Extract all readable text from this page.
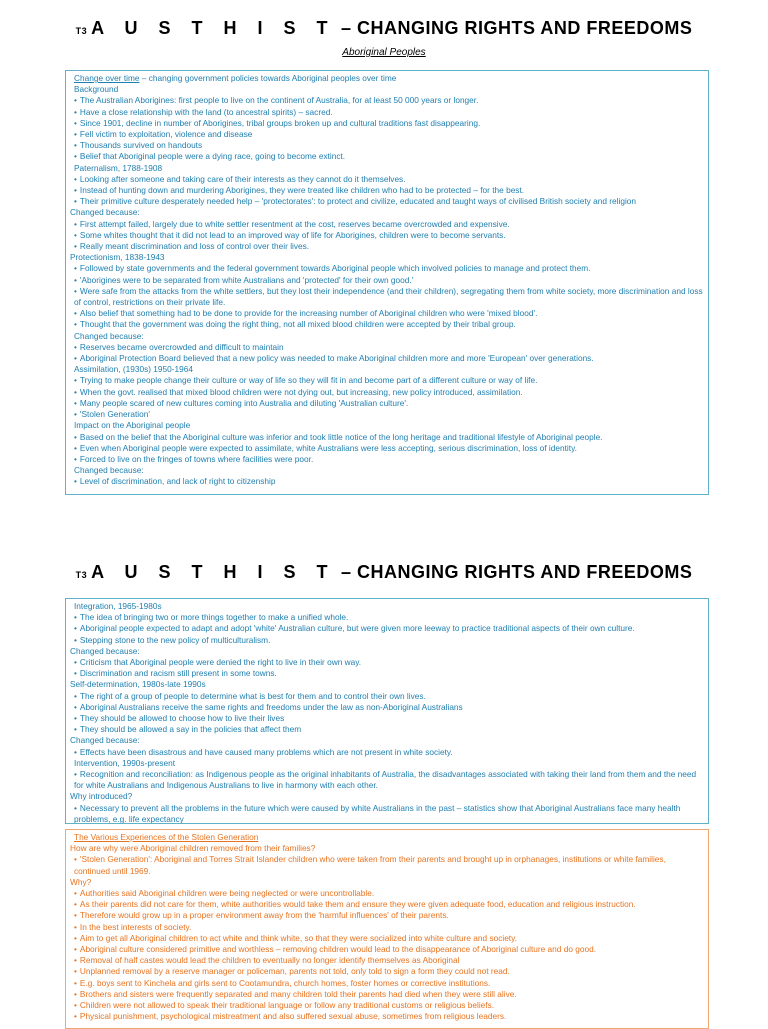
T3 A U S T H I S T – CHANGING RIGHTS AND FREEDOMS
Aboriginal Peoples
Change over time – changing government policies towards Aboriginal peoples over time
Background
• The Australian Aborigines: first people to live on the continent of Australia, for at least 50 000 years or longer.
• Have a close relationship with the land (to ancestral spirits) – sacred.
• Since 1901, decline in number of Aborigines, tribal groups broken up and cultural traditions fast disappearing.
• Fell victim to exploitation, violence and disease
• Thousands survived on handouts
• Belief that Aboriginal people were a dying race, going to become extinct.
Paternalism, 1788-1908
• Looking after someone and taking care of their interests as they cannot do it themselves.
• Instead of hunting down and murdering Aborigines, they were treated like children who had to be protected – for the best.
• Their primitive culture desperately needed help – 'protectorates': to protect and civilize, educated and taught ways of civilised British society and religion
Changed because:
• First attempt failed, largely due to white settler resentment at the cost, reserves became overcrowded and expensive.
• Some whites thought that it did not lead to an improved way of life for Aborigines, children were to become servants.
• Really meant discrimination and loss of control over their lives.
Protectionism, 1838-1943
• Followed by state governments and the federal government towards Aboriginal people which involved policies to manage and protect them.
• 'Aborigines were to be separated from white Australians and 'protected' for their own good.'
• Were safe from the attacks from the white settlers, but they lost their independence (and their children), segregating them from white society, more discrimination and loss of control, restrictions on their private life.
• Also belief that something had to be done to provide for the increasing number of Aboriginal children who were 'mixed blood'.
• Thought that the government was doing the right thing, not all mixed blood children were accepted by their tribal group.
Changed because:
• Reserves became overcrowded and difficult to maintain
• Aboriginal Protection Board believed that a new policy was needed to make Aboriginal children more and more 'European' over generations.
Assimilation, (1930s) 1950-1964
• Trying to make people change their culture or way of life so they will fit in and become part of a different culture or way of life.
• When the govt. realised that mixed blood children were not dying out, but increasing, new policy introduced, assimilation.
• Many people scared of new cultures coming into Australia and diluting 'Australian culture'.
• 'Stolen Generation'
Impact on the Aboriginal people
• Based on the belief that the Aboriginal culture was inferior and took little notice of the long heritage and traditional lifestyle of Aboriginal people.
• Even when Aboriginal people were expected to assimilate, white Australians were less accepting, serious discrimination, loss of identity.
• Forced to live on the fringes of towns where facilities were poor.
Changed because:
• Level of discrimination, and lack of right to citizenship
T3 A U S T H I S T – CHANGING RIGHTS AND FREEDOMS
Integration, 1965-1980s
• The idea of bringing two or more things together to make a unified whole.
• Aboriginal people expected to adapt and adopt 'white' Australian culture, but were given more leeway to practice traditional aspects of their own culture.
• Stepping stone to the new policy of multiculturalism.
Changed because:
• Criticism that Aboriginal people were denied the right to live in their own way.
• Discrimination and racism still present in some towns.
Self-determination, 1980s-late 1990s
• The right of a group of people to determine what is best for them and to control their own lives.
• Aboriginal Australians receive the same rights and freedoms under the law as non-Aboriginal Australians
• They should be allowed to choose how to live their lives
• They should be allowed a say in the policies that affect them
Changed because:
• Effects have been disastrous and have caused many problems which are not present in white society.
Intervention, 1990s-present
• Recognition and reconciliation: as Indigenous people as the original inhabitants of Australia, the disadvantages associated with taking their land from them and the need for white Australians and Indigenous Australians to live in harmony with each other.
Why introduced?
• Necessary to prevent all the problems in the future which were caused by white Australians in the past – statistics show that Aboriginal Australians face many health problems, e.g. life expectancy
The Various Experiences of the Stolen Generation
How are why were Aboriginal children removed from their families?
• 'Stolen Generation': Aboriginal and Torres Strait Islander children who were taken from their parents and brought up in orphanages, institutions or white families, continued until 1969.
Why?
• Authorities said Aboriginal children were being neglected or were uncontrollable.
• As their parents did not care for them, white authorities would take them and ensure they were given adequate food, education and religious instruction.
• Therefore would grow up in a proper environment away from the 'harmful influences' of their parents.
• In the best interests of society.
• Aim to get all Aboriginal children to act white and think white, so that they were socialized into white culture and society.
• Aboriginal culture considered primitive and worthless – removing children would lead to the disappearance of Aboriginal culture and do good.
• Removal of half castes would lead the children to eventually no longer identify themselves as Aboriginal
• Unplanned removal by a reserve manager or policeman, parents not told, only told to sign a form they could not read.
• E.g. boys sent to Kinchela and girls sent to Cootamundra, church homes, foster homes or corrective institutions.
• Brothers and sisters were frequently separated and many children told their parents had died when they were still alive.
• Children were not allowed to speak their traditional language or follow any traditional customs or religious beliefs.
• Physical punishment, psychological mistreatment and also suffered sexual abuse, sometimes from religious leaders.
